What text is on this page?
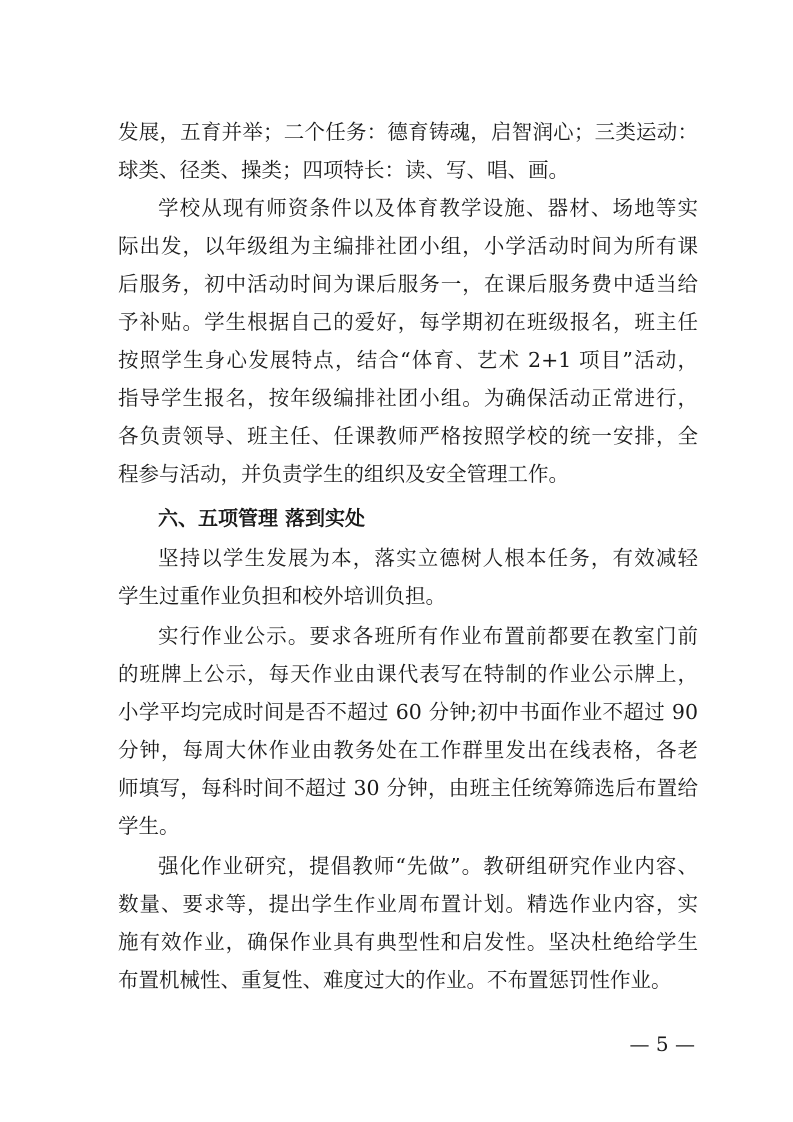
发展，五育并举；二个任务：德育铸魂，启智润心；三类运动：
球类、径类、操类；四项特长：读、写、唱、画。
学校从现有师资条件以及体育教学设施、器材、场地等实
际出发，以年级组为主编排社团小组，小学活动时间为所有课
后服务，初中活动时间为课后服务一，在课后服务费中适当给
予补贴。学生根据自己的爱好，每学期初在班级报名，班主任
按照学生身心发展特点，结合“体育、艺术 2+1 项目”活动，
指导学生报名，按年级编排社团小组。为确保活动正常进行，
各负责领导、班主任、任课教师严格按照学校的统一安排，全
程参与活动，并负责学生的组织及安全管理工作。
六、五项管理 落到实处
坚持以学生发展为本，落实立德树人根本任务，有效减轻
学生过重作业负担和校外培训负担。
实行作业公示。要求各班所有作业布置前都要在教室门前
的班牌上公示，每天作业由课代表写在特制的作业公示牌上，
小学平均完成时间是否不超过 60 分钟;初中书面作业不超过 90
分钟，每周大休作业由教务处在工作群里发出在线表格，各老
师填写，每科时间不超过 30 分钟，由班主任统筹筛选后布置给
学生。
强化作业研究，提倡教师“先做”。教研组研究作业内容、
数量、要求等，提出学生作业周布置计划。精选作业内容，实
施有效作业，确保作业具有典型性和启发性。坚决杜绝给学生
布置机械性、重复性、难度过大的作业。不布置惩罚性作业。
— 5 —
